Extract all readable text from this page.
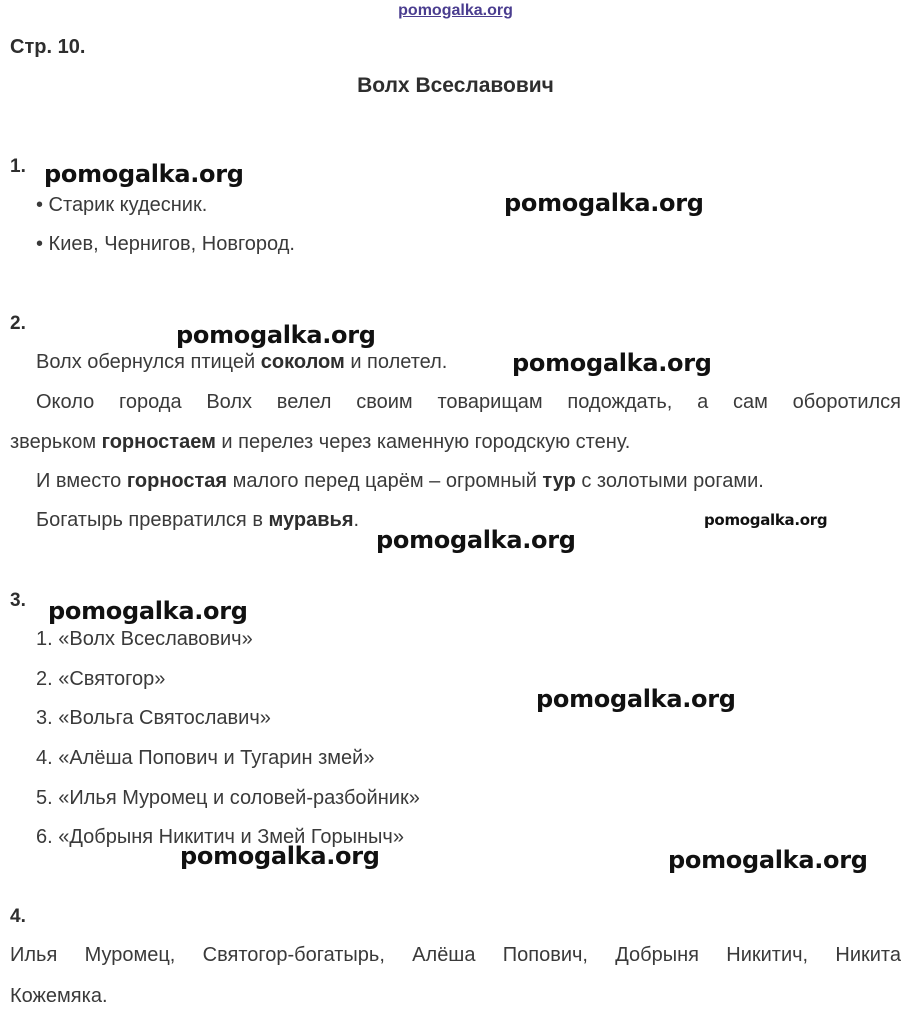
pomogalka.org
Стр. 10.
Волх Всеславович
1.
• Старик кудесник.
• Киев, Чернигов, Новгород.
2.
Волх обернулся птицей соколом и полетел.
Около города Волх велел своим товарищам подождать, а сам оборотился
зверьком горностаем и перелез через каменную городскую стену.
И вместо горностая малого перед царём – огромный тур с золотыми рогами.
Богатырь превратился в муравья.
3.
1. «Волх Всеславович»
2. «Святогор»
3. «Вольга Святославич»
4. «Алёша Попович и Тугарин змей»
5. «Илья Муромец и соловей-разбойник»
6. «Добрыня Никитич и Змей Горыныч»
4.
Илья Муромец, Святогор-богатырь, Алёша Попович, Добрыня Никитич, Никита
Кожемяка.
pomogalka.org
pomogalka.org
pomogalka.org
pomogalka.org
pomogalka.org
pomogalka.org
pomogalka.org
pomogalka.org
pomogalka.org	pomogalka.org
